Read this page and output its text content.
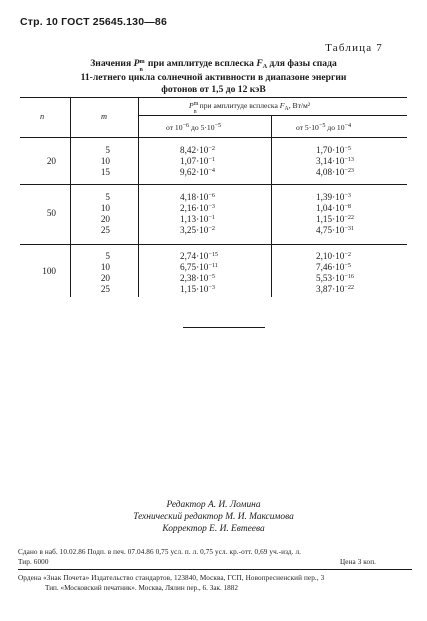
Стр. 10 ГОСТ 25645.130—86
Таблица 7
Значения P m
n
при амплитуде всплеска $F_A$ для фазы спада
11-летнего цикла солнечной активности в диапазоне энергии
фотонов от 1,5 до 12 кэВ
n	m
P m
n
при амплитуде всплеска $F_A$, Вт/м²
от $10^{-6}$ до $5\cdot 10^{-5}$	от $5\cdot 10^{-5}$ до $10^{-4}$
20
5	$8,42\cdot 10^{-2}$	$1,70\cdot 10^{-5}$
10	$1,07\cdot 10^{-1}$	$3,14\cdot 10^{-13}$
15	$9,62\cdot 10^{-4}$	$4,08\cdot 10^{-23}$
50
5	$4,18\cdot 10^{-6}$	$1,39\cdot 10^{-3}$
10	$2,16\cdot 10^{-3}$	$1,04\cdot 10^{-8}$
20	$1,13\cdot 10^{-1}$	$1,15\cdot 10^{-22}$
25	$3,25\cdot 10^{-2}$	$4,75\cdot 10^{-31}$
100
5	$2,74\cdot 10^{-15}$	$2,10\cdot 10^{-2}$
10	$6,75\cdot 10^{-11}$	$7,46\cdot 10^{-5}$
20	$2,38\cdot 10^{-5}$	$5,53\cdot 10^{-16}$
25	$1,15\cdot 10^{-3}$	$3,87\cdot 10^{-22}$
Редактор А. И. Ломина
Технический редактор М. И. Максимова
Корректор Е. И. Евтеева
Сдано в наб. 10.02.86 Подп. в печ. 07.04.86 0,75 усл. п. л. 0,75 усл. кр.-отт. 0,69 уч.-изд. л.
Тир. 6000	Цена 3 коп.
Ордена «Знак Почета» Издательство стандартов, 123840, Москва, ГСП, Новопресненский пер., 3
Тип. «Московский печатник». Москва, Лялин пер., 6. Зак. 1882
